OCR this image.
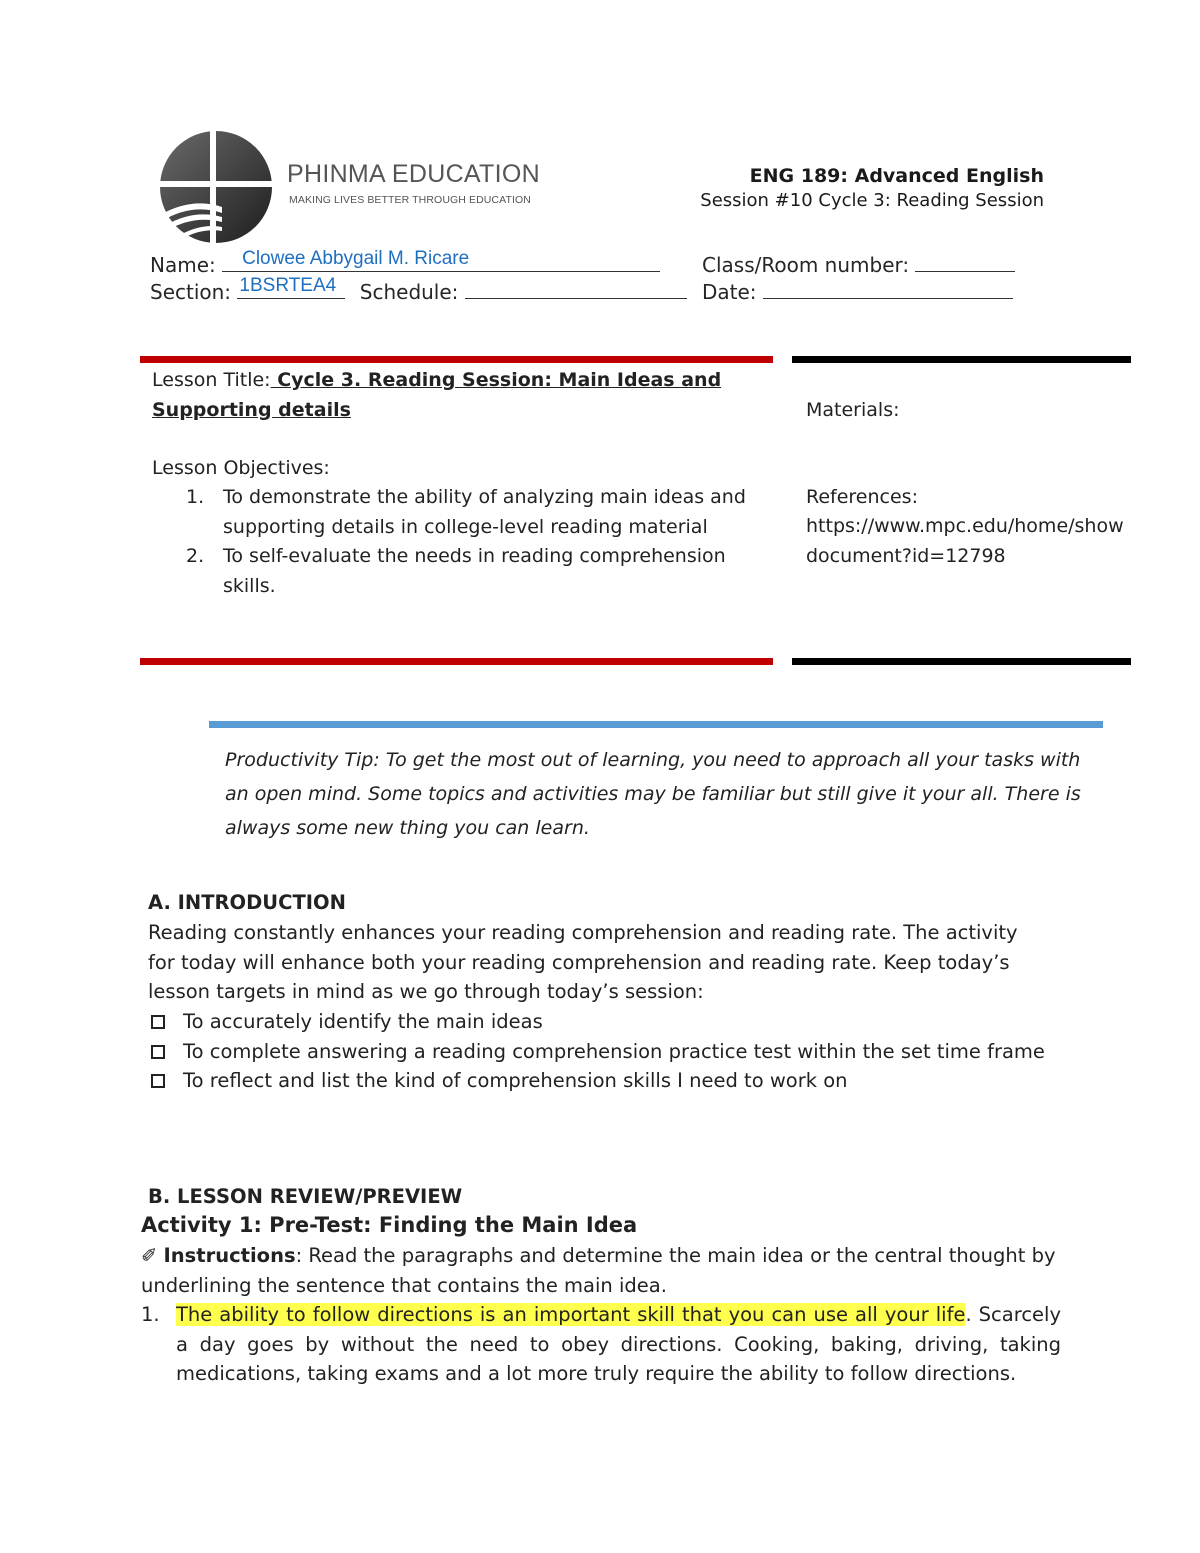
PHINMA EDUCATION
MAKING LIVES BETTER THROUGH EDUCATION
ENG 189: Advanced English
Session #10 Cycle 3: Reading Session
Name: Clowee Abbygail M. Ricare
Section: 1BSRTEA4 Schedule:
Class/Room number:
Date:
Lesson Title: Cycle 3. Reading Session: Main Ideas and Supporting details
Lesson Objectives:
1. To demonstrate the ability of analyzing main ideas and supporting details in college-level reading material
2. To self-evaluate the needs in reading comprehension skills.
Materials:
References:
https://www.mpc.edu/home/showdocument?id=12798
Productivity Tip: To get the most out of learning, you need to approach all your tasks with an open mind. Some topics and activities may be familiar but still give it your all. There is always some new thing you can learn.
A. INTRODUCTION
Reading constantly enhances your reading comprehension and reading rate. The activity for today will enhance both your reading comprehension and reading rate. Keep today’s lesson targets in mind as we go through today’s session:
To accurately identify the main ideas
To complete answering a reading comprehension practice test within the set time frame
To reflect and list the kind of comprehension skills I need to work on
B. LESSON REVIEW/PREVIEW
Activity 1: Pre-Test: Finding the Main Idea
✐ Instructions: Read the paragraphs and determine the main idea or the central thought by underlining the sentence that contains the main idea.
1. The ability to follow directions is an important skill that you can use all your life. Scarcely a day goes by without the need to obey directions. Cooking, baking, driving, taking medications, taking exams and a lot more truly require the ability to follow directions.
